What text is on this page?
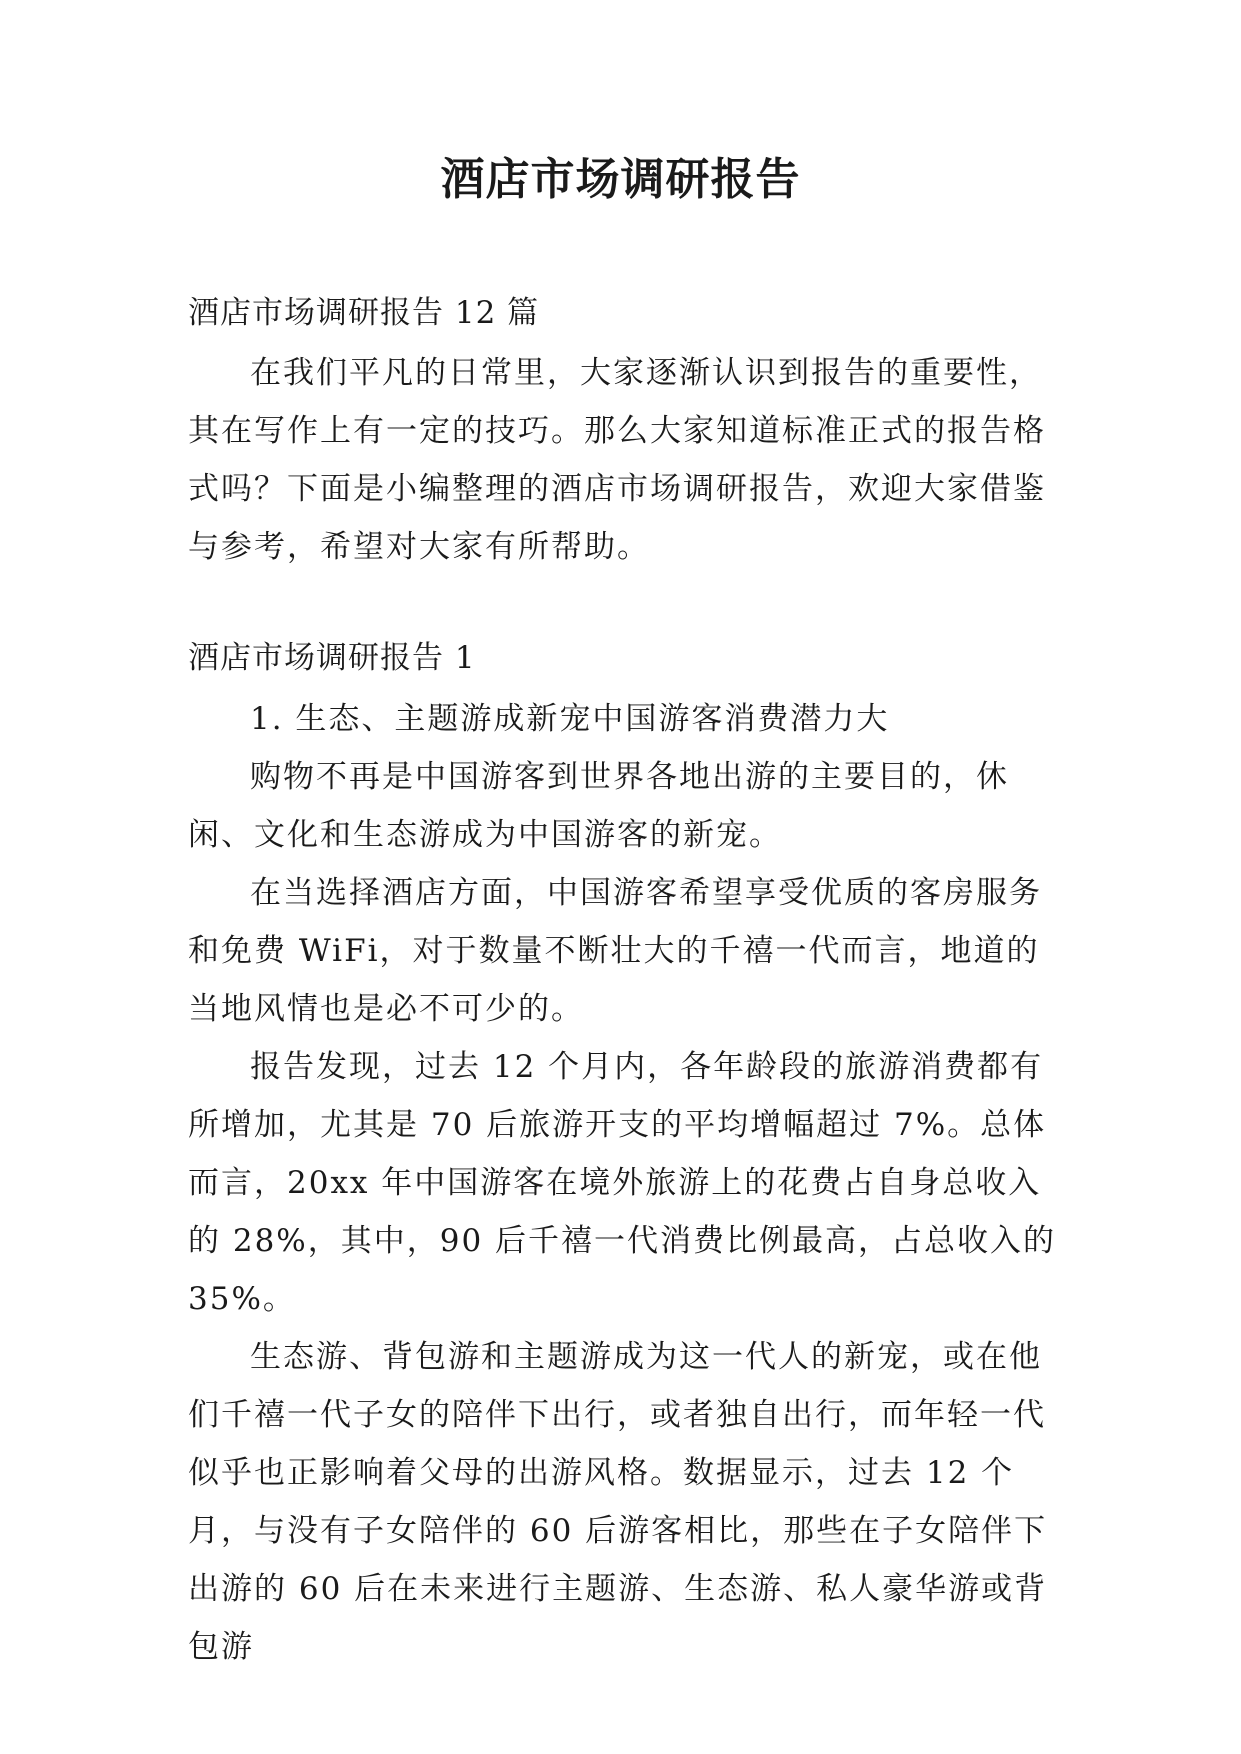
酒店市场调研报告
酒店市场调研报告 12 篇

在我们平凡的日常里，大家逐渐认识到报告的重要性，其在写作上有一定的技巧。那么大家知道标准正式的报告格式吗？下面是小编整理的酒店市场调研报告，欢迎大家借鉴与参考，希望对大家有所帮助。

酒店市场调研报告 1

1. 生态、主题游成新宠中国游客消费潜力大

购物不再是中国游客到世界各地出游的主要目的，休闲、文化和生态游成为中国游客的新宠。

在当选择酒店方面，中国游客希望享受优质的客房服务和免费 WiFi，对于数量不断壮大的千禧一代而言，地道的当地风情也是必不可少的。

报告发现，过去 12 个月内，各年龄段的旅游消费都有所增加，尤其是 70 后旅游开支的平均增幅超过 7%。总体而言，20xx 年中国游客在境外旅游上的花费占自身总收入的 28%，其中，90 后千禧一代消费比例最高，占总收入的 35%。

生态游、背包游和主题游成为这一代人的新宠，或在他们千禧一代子女的陪伴下出行，或者独自出行，而年轻一代似乎也正影响着父母的出游风格。数据显示，过去 12 个月，与没有子女陪伴的 60 后游客相比，那些在子女陪伴下出游的 60 后在未来进行主题游、生态游、私人豪华游或背包游
